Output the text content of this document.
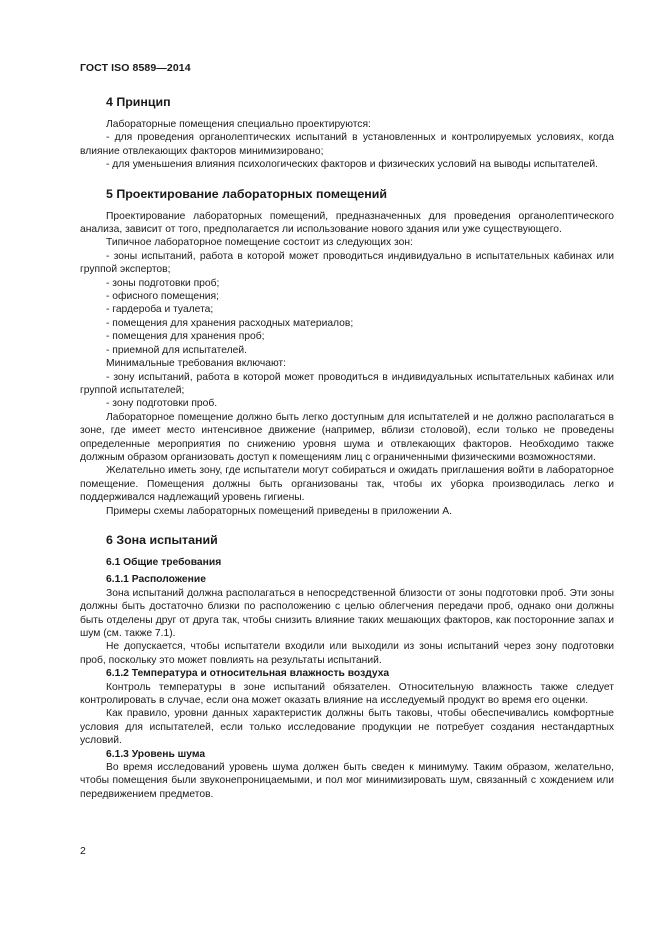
ГОСТ ISO 8589—2014
4 Принцип

Лабораторные помещения специально проектируются:

- для проведения органолептических испытаний в установленных и контролируемых условиях, когда влияние отвлекающих факторов минимизировано;

- для уменьшения влияния психологических факторов и физических условий на выводы испытателей.

5 Проектирование лабораторных помещений

Проектирование лабораторных помещений, предназначенных для проведения органолептического анализа, зависит от того, предполагается ли использование нового здания или уже существующего.

Типичное лабораторное помещение состоит из следующих зон:

- зоны испытаний, работа в которой может проводиться индивидуально в испытательных кабинах или группой экспертов;

- зоны подготовки проб;

- офисного помещения;

- гардероба и туалета;

- помещения для хранения расходных материалов;

- помещения для хранения проб;

- приемной для испытателей.

Минимальные требования включают:

- зону испытаний, работа в которой может проводиться в индивидуальных испытательных кабинах или группой испытателей;

- зону подготовки проб.

Лабораторное помещение должно быть легко доступным для испытателей и не должно располагаться в зоне, где имеет место интенсивное движение (например, вблизи столовой), если только не проведены определенные мероприятия по снижению уровня шума и отвлекающих факторов. Необходимо также должным образом организовать доступ к помещениям лиц с ограниченными физическими возможностями.

Желательно иметь зону, где испытатели могут собираться и ожидать приглашения войти в лабораторное помещение. Помещения должны быть организованы так, чтобы их уборка производилась легко и поддерживался надлежащий уровень гигиены.

Примеры схемы лабораторных помещений приведены в приложении А.

6 Зона испытаний
6.1 Общие требования
6.1.1 Расположение

Зона испытаний должна располагаться в непосредственной близости от зоны подготовки проб. Эти зоны должны быть достаточно близки по расположению с целью облегчения передачи проб, однако они должны быть отделены друг от друга так, чтобы снизить влияние таких мешающих факторов, как посторонние запах и шум (см. также 7.1).

Не допускается, чтобы испытатели входили или выходили из зоны испытаний через зону подготовки проб, поскольку это может повлиять на результаты испытаний.

6.1.2 Температура и относительная влажность воздуха

Контроль температуры в зоне испытаний обязателен. Относительную влажность также следует контролировать в случае, если она может оказать влияние на исследуемый продукт во время его оценки.

Как правило, уровни данных характеристик должны быть таковы, чтобы обеспечивались комфортные условия для испытателей, если только исследование продукции не потребует создания нестандартных условий.

6.1.3 Уровень шума

Во время исследований уровень шума должен быть сведен к минимуму. Таким образом, желательно, чтобы помещения были звуконепроницаемыми, и пол мог минимизировать шум, связанный с хождением или передвижением предметов.

2
